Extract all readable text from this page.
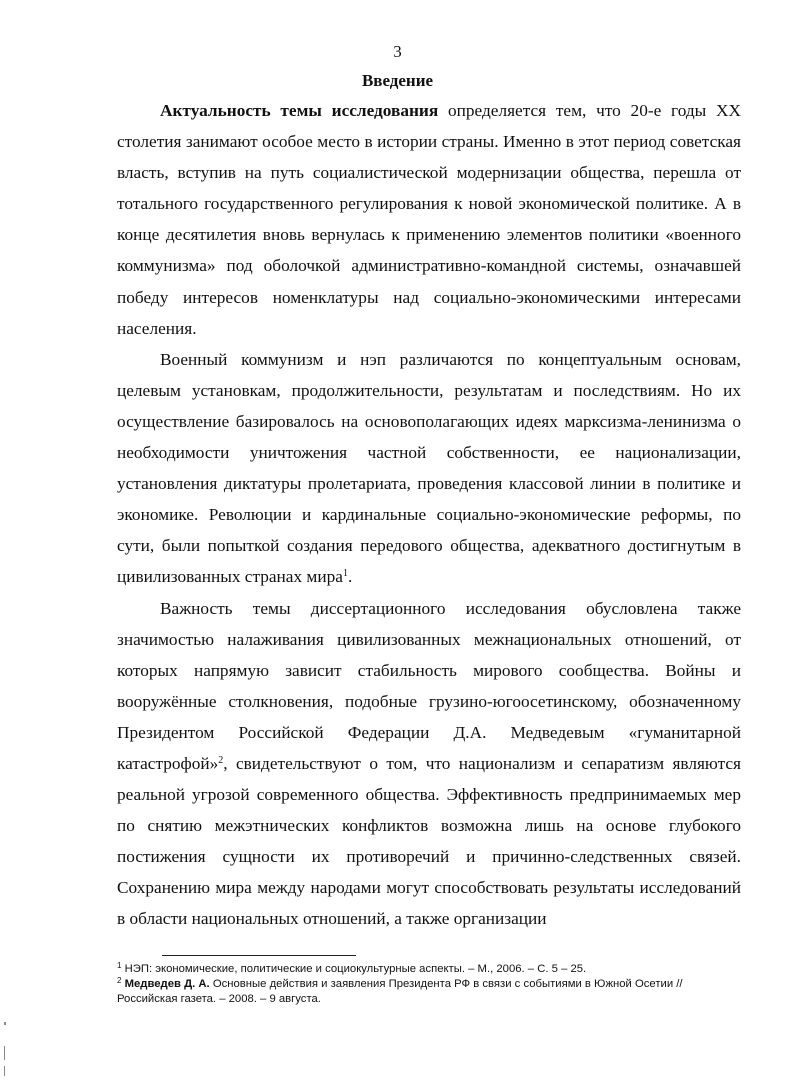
3
Введение

Актуальность темы исследования определяется тем, что 20-е годы XX столетия занимают особое место в истории страны. Именно в этот период советская власть, вступив на путь социалистической модернизации общества, перешла от тотального государственного регулирования к новой экономической политике. А в конце десятилетия вновь вернулась к применению элементов политики «военного коммунизма» под оболочкой административно-командной системы, означавшей победу интересов номенклатуры над социально-экономическими интересами населения.

Военный коммунизм и нэп различаются по концептуальным основам, целевым установкам, продолжительности, результатам и последствиям. Но их осуществление базировалось на основополагающих идеях марксизма-ленинизма о необходимости уничтожения частной собственности, ее национализации, установления диктатуры пролетариата, проведения классовой линии в политике и экономике. Революции и кардинальные социально-экономические реформы, по сути, были попыткой создания передового общества, адекватного достигнутым в цивилизованных странах мира$^1$.

Важность темы диссертационного исследования обусловлена также значимостью налаживания цивилизованных межнациональных отношений, от которых напрямую зависит стабильность мирового сообщества. Войны и вооружённые столкновения, подобные грузино-югоосетинскому, обозначенному Президентом Российской Федерации Д.А. Медведевым «гуманитарной катастрофой»$^2$, свидетельствуют о том, что национализм и сепаратизм являются реальной угрозой современного общества. Эффективность предпринимаемых мер по снятию межэтнических конфликтов возможна лишь на основе глубокого постижения сущности их противоречий и причинно-следственных связей. Сохранению мира между народами могут способствовать результаты исследований в области национальных отношений, а также организации

$^1$ НЭП: экономические, политические и социокультурные аспекты. – М., 2006. – С. 5 – 25.

$^2$ Медведев Д. А. Основные действия и заявления Президента РФ в связи с событиями в Южной Осетии // Российская газета. – 2008. – 9 августа.
